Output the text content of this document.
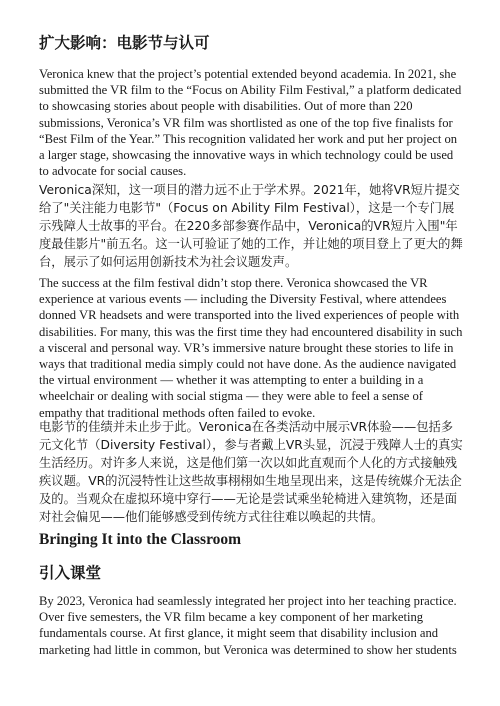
扩大影响：电影节与认可

Veronica knew that the project’s potential extended beyond academia. In 2021, she submitted the VR film to the “Focus on Ability Film Festival,” a platform dedicated to showcasing stories about people with disabilities. Out of more than 220 submissions, Veronica’s VR film was shortlisted as one of the top five finalists for “Best Film of the Year.” This recognition validated her work and put her project on a larger stage, showcasing the innovative ways in which technology could be used to advocate for social causes.

Veronica深知，这一项目的潜力远不止于学术界。2021年，她将VR短片提交给了"关注能力电影节"（Focus on Ability Film Festival），这是一个专门展示残障人士故事的平台。在220多部参赛作品中，Veronica的VR短片入围"年度最佳影片"前五名。这一认可验证了她的工作，并让她的项目登上了更大的舞台，展示了如何运用创新技术为社会议题发声。

The success at the film festival didn’t stop there. Veronica showcased the VR experience at various events — including the Diversity Festival, where attendees donned VR headsets and were transported into the lived experiences of people with disabilities. For many, this was the first time they had encountered disability in such a visceral and personal way. VR’s immersive nature brought these stories to life in ways that traditional media simply could not have done. As the audience navigated the virtual environment — whether it was attempting to enter a building in a wheelchair or dealing with social stigma — they were able to feel a sense of empathy that traditional methods often failed to evoke.

电影节的佳绩并未止步于此。Veronica在各类活动中展示VR体验——包括多元文化节（Diversity Festival），参与者戴上VR头显，沉浸于残障人士的真实生活经历。对许多人来说，这是他们第一次以如此直观而个人化的方式接触残疾议题。VR的沉浸特性让这些故事栩栩如生地呈现出来，这是传统媒介无法企及的。当观众在虚拟环境中穿行——无论是尝试乘坐轮椅进入建筑物，还是面对社会偏见——他们能够感受到传统方式往往难以唤起的共情。

Bringing It into the Classroom
引入课堂

By 2023, Veronica had seamlessly integrated her project into her teaching practice. Over five semesters, the VR film became a key component of her marketing fundamentals course. At first glance, it might seem that disability inclusion and marketing had little in common, but Veronica was determined to show her students
